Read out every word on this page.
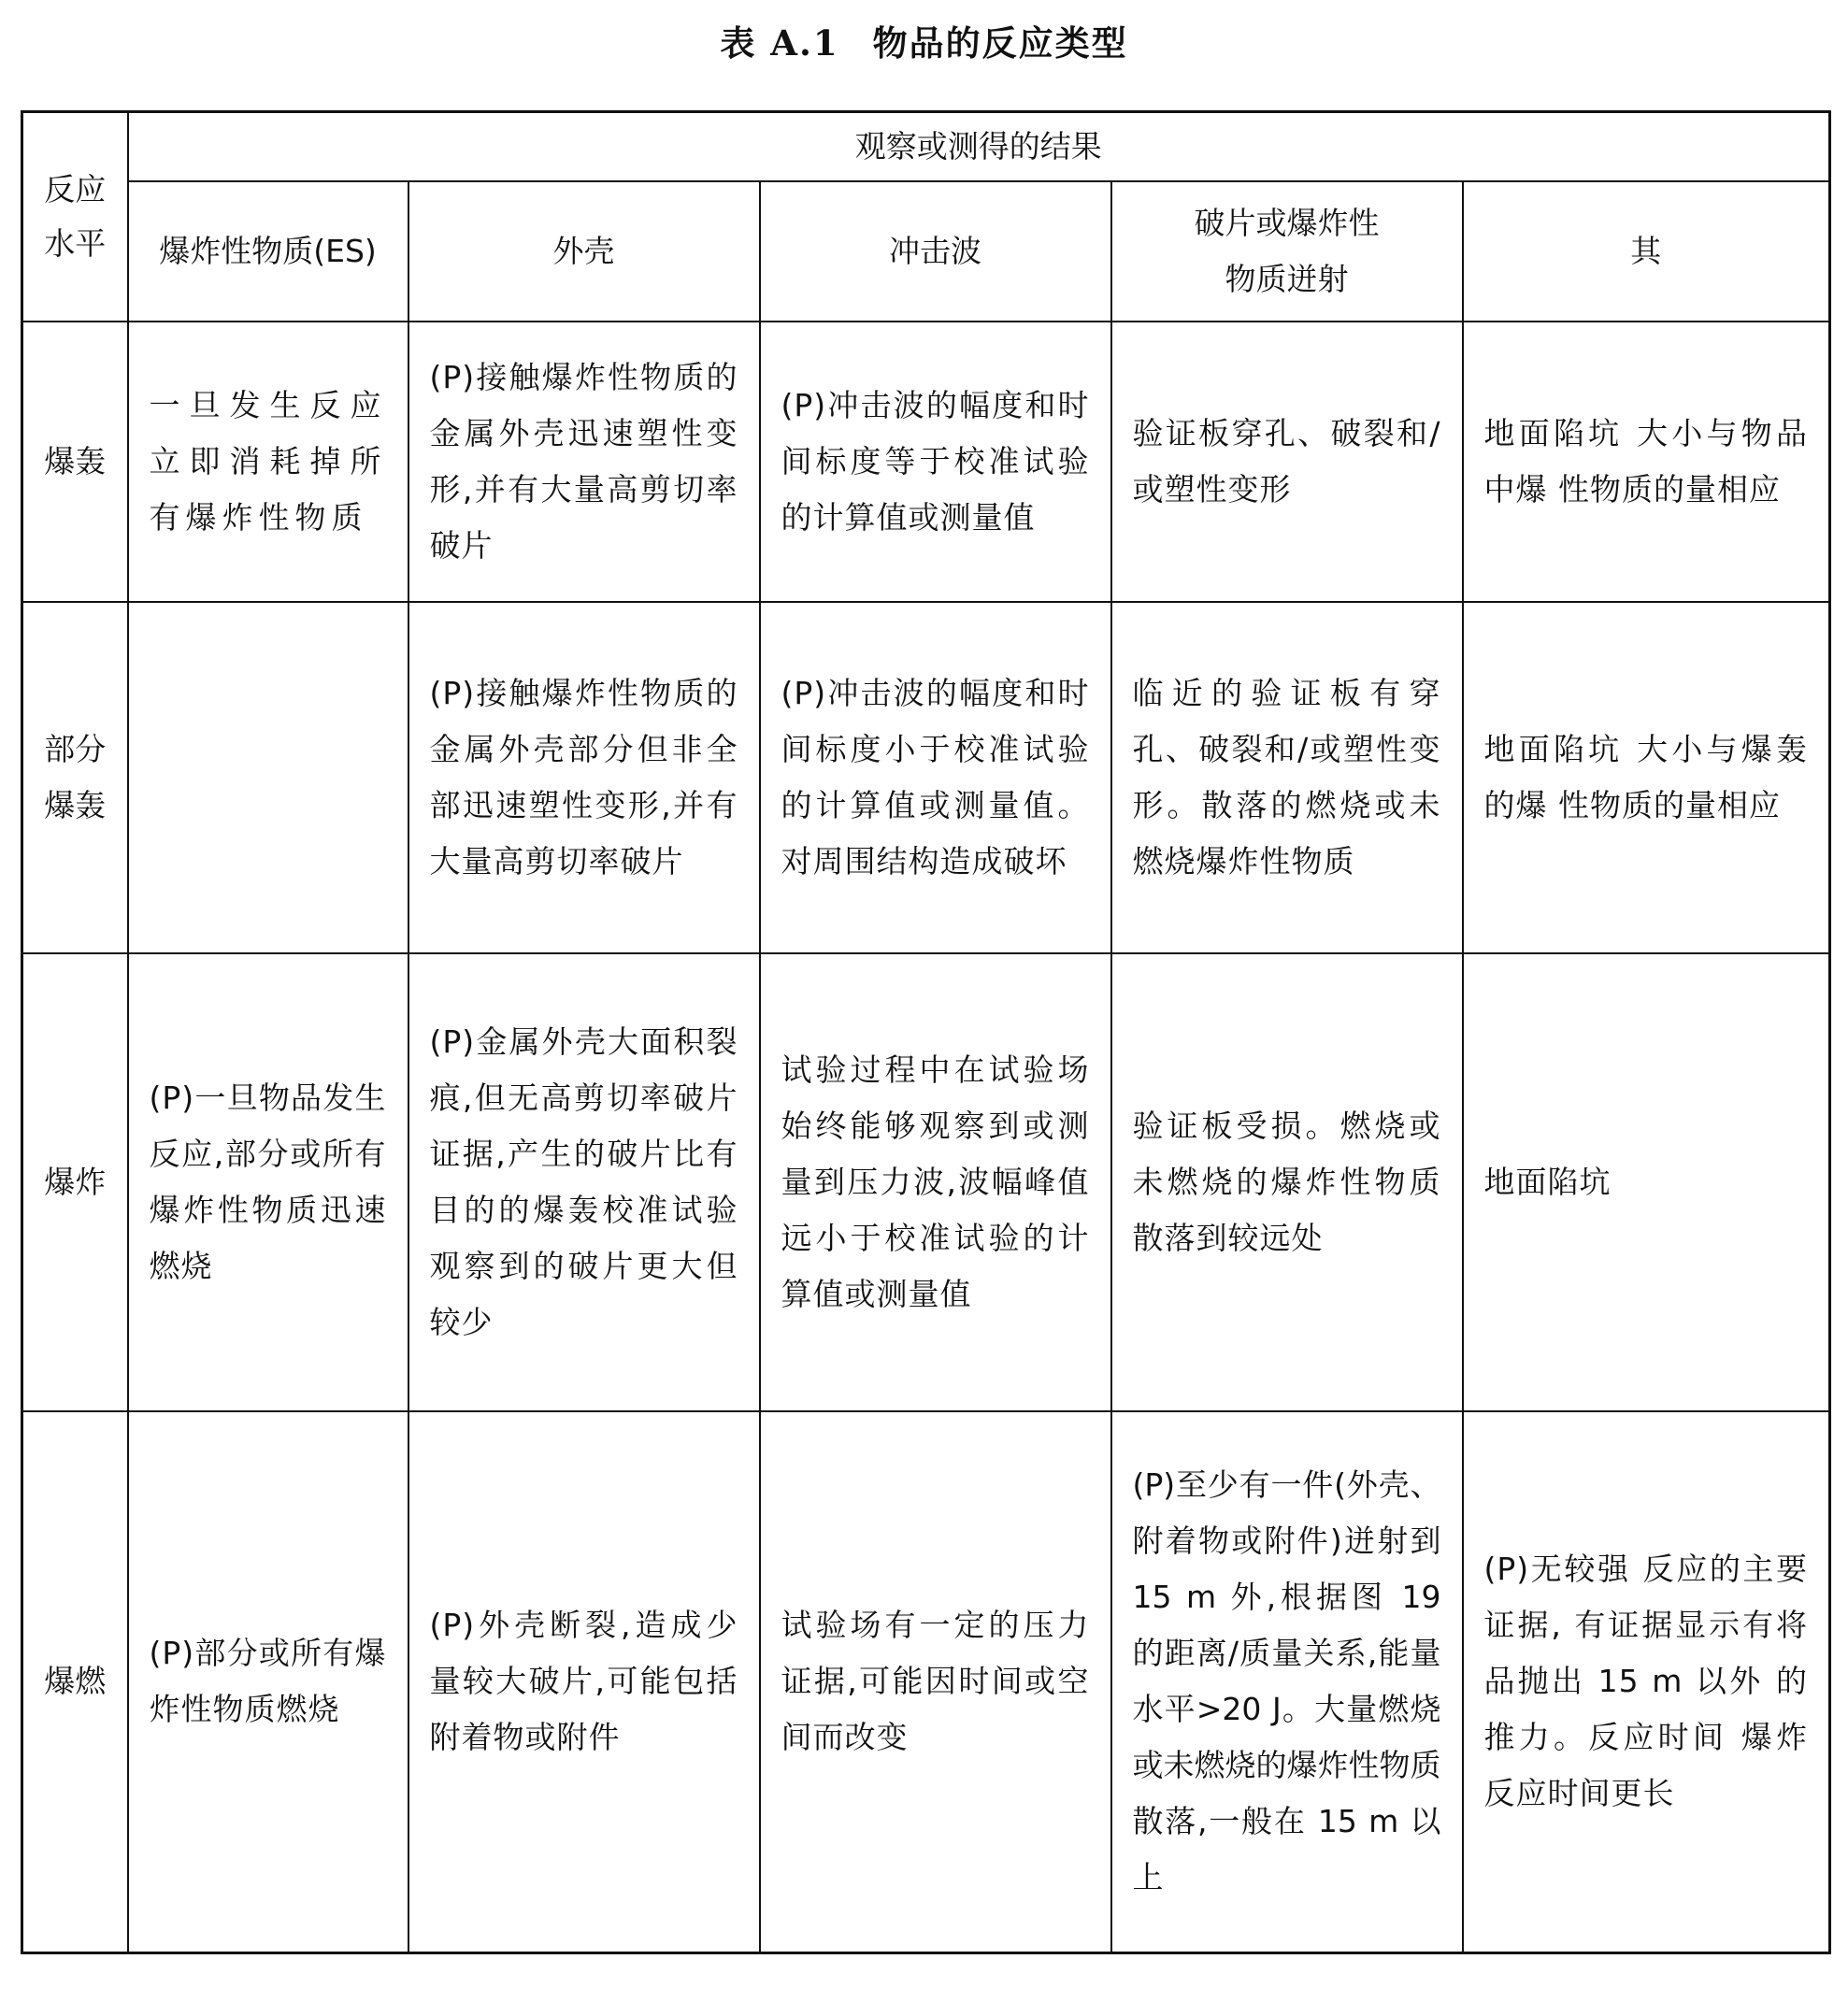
表 A.1 物品的反应类型
反应水平	观察或测得的结果				
	爆炸性物质(ES)	外壳	冲击波	破片或爆炸性物质迸射	其
爆轰	一旦发生反应立即消耗掉所有爆炸性物质	(P)接触爆炸性物质的金属外壳迅速塑性变形,并有大量高剪切率破片	(P)冲击波的幅度和时间标度等于校准试验的计算值或测量值	验证板穿孔、破裂和/或塑性变形	地面陷坑 大小与物品中爆 性物质的量相应
部分爆轰		(P)接触爆炸性物质的金属外壳部分但非全部迅速塑性变形,并有大量高剪切率破片	(P)冲击波的幅度和时间标度小于校准试验的计算值或测量值。对周围结构造成破坏	临近的验证板有穿孔、破裂和/或塑性变形。散落的燃烧或未燃烧爆炸性物质	地面陷坑 大小与爆轰的爆 性物质的量相应
爆炸	(P)一旦物品发生反应,部分或所有爆炸性物质迅速燃烧	(P)金属外壳大面积裂痕,但无高剪切率破片证据,产生的破片比有目的的爆轰校准试验观察到的破片更大但较少	试验过程中在试验场始终能够观察到或测量到压力波,波幅峰值远小于校准试验的计算值或测量值	验证板受损。燃烧或未燃烧的爆炸性物质散落到较远处	地面陷坑
爆燃	(P)部分或所有爆炸性物质燃烧	(P)外壳断裂,造成少量较大破片,可能包括附着物或附件	试验场有一定的压力证据,可能因时间或空间而改变	(P)至少有一件(外壳、附着物或附件)迸射到 15 m 外,根据图 19 的距离/质量关系,能量水平>20 J。大量燃烧或未燃烧的爆炸性物质散落,一般在 15 m 以上	(P)无较强 反应的主要证据, 有证据显示有将 品抛出 15 m 以外 的推力。反应时间 爆炸反应时间更长
